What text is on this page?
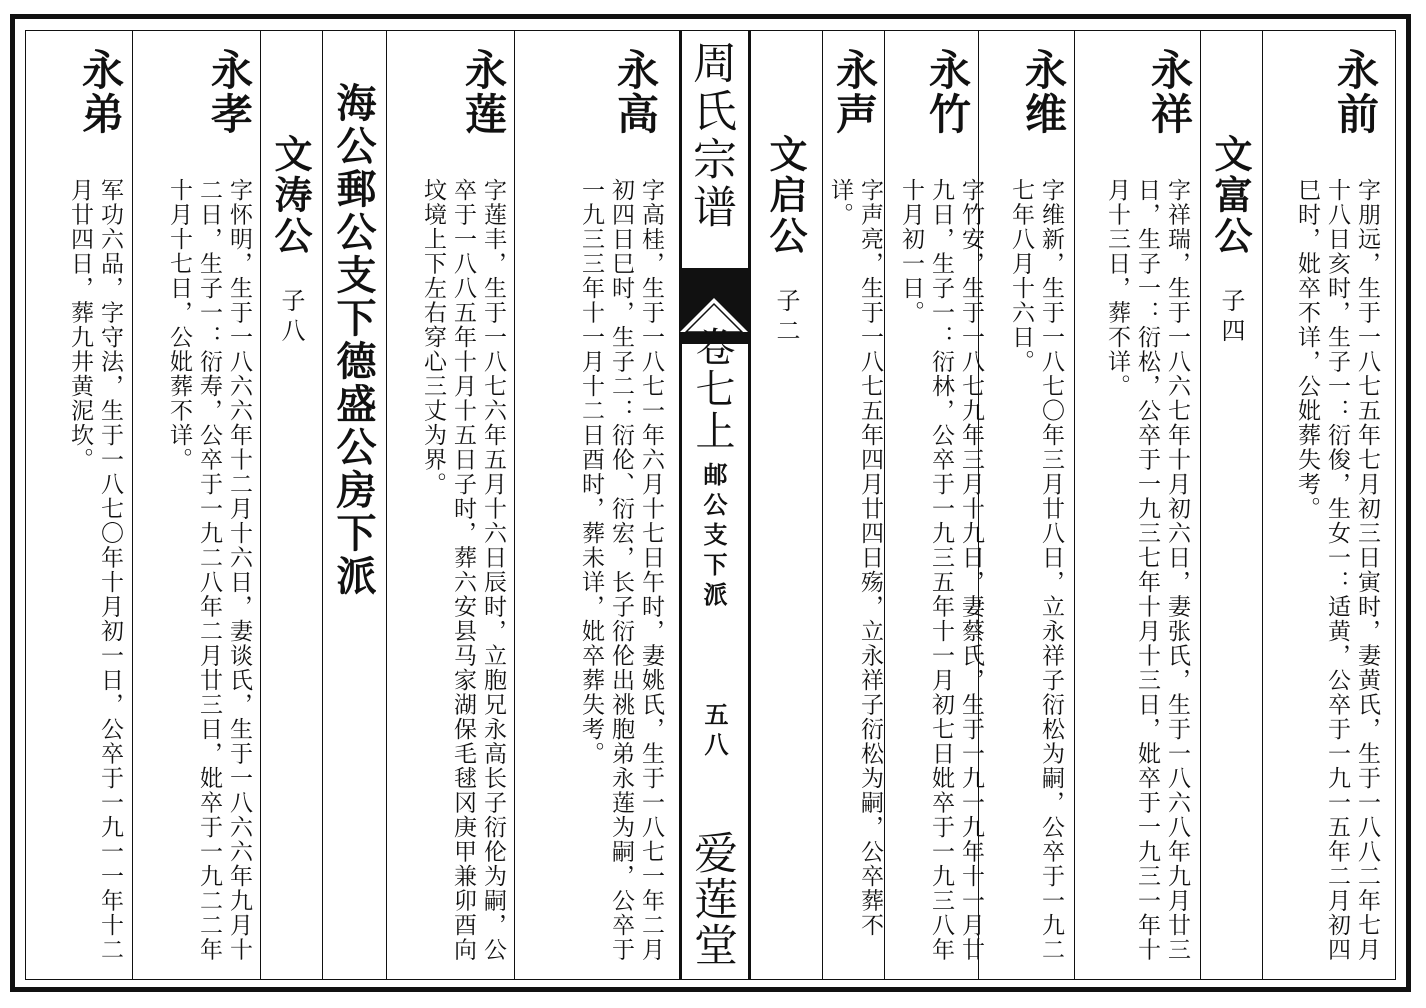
永前
字朋远，生于一八七五年七月初三日寅时，妻黄氏，生于一八八二年七月十八日亥时，生子一：衍俊，生女一：适黄，公卒于一九一五年二月初四巳时，妣卒不详，公妣葬失考。
文富公
子四
永祥
字祥瑞，生于一八六七年十月初六日，妻张氏，生于一八六八年九月廿三日，生子一：衍松，公卒于一九三七年十月十三日，妣卒于一九三一年十月十三日，葬不详。
永维
字维新，生于一八七〇年三月廿八日，立永祥子衍松为嗣，公卒于一九二七年八月十六日。
永竹
字竹安，生于一八七九年三月十九日，妻蔡氏，生于一九一九年十一月廿九日，生子一：衍林，公卒于一九三五年十一月初七日妣卒于一九三八年十月初一日。
永声
字声亮，生于一八七五年四月廿四日殇，立永祥子衍松为嗣，公卒葬不详。
文启公
子二
周氏宗谱
卷七上
邮公支下派
五八
爱莲堂
永高
字高桂，生于一八七一年六月十七日午时，妻姚氏，生于一八七一年二月初四日巳时，生子二：衍伦、衍宏，长子衍伦出祧胞弟永莲为嗣，公卒于一九三三年十一月十二日酉时，葬未详，妣卒葬失考。
永莲
字莲丰，生于一八七六年五月十六日辰时，立胞兄永高长子衍伦为嗣，公卒于一八八五年十月十五日子时，葬六安县马家湖保毛毬冈庚甲兼卯酉向坟境上下左右穿心三丈为界。
海公郵公支下德盛公房下派
文涛公
子八
永孝
字怀明，生于一八六六年十二月十六日，妻谈氏，生于一八六六年九月十二日，生子一：衍寿，公卒于一九二八年二月廿三日，妣卒于一九二二年十月十七日，公妣葬不详。
永弟
军功六品，字守法，生于一八七〇年十月初一日，公卒于一九一一年十二月廿四日，葬九井黄泥坎。
